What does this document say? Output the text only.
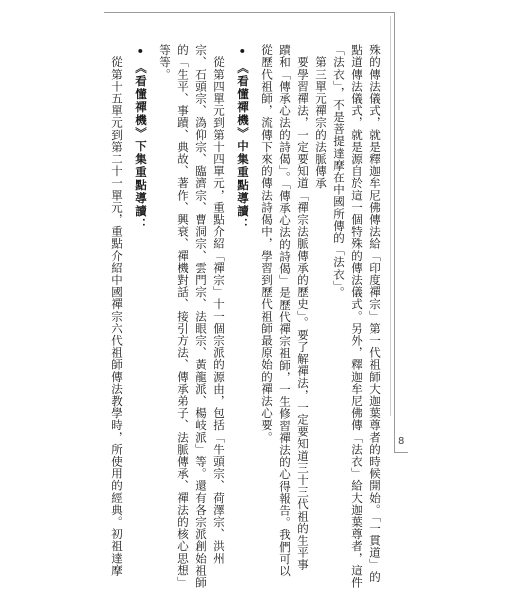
8
殊的傳法儀式，就是釋迦牟尼佛傳法給「印度禪宗」第一代祖師大迦葉尊者的時候開始。「一貫道」的
點道傳法儀式，就是源自於這一個特殊的傳法儀式。另外，釋迦牟尼佛傳「法衣」給大迦葉尊者，這件
「法衣」，不是菩提達摩在中國所傳的「法衣」。
　第三單元禪宗的法脈傳承
　要學習禪法，一定要知道「禪宗法脈傳承的歷史」。要了解禪法，一定要知道三十三代祖的生平事
蹟和「傳承心法的詩偈」。「傳承心法的詩偈」是歷代禪宗祖師，一生修習禪法的心得報告。我們可以
從歷代祖師，流傳下來的傳法詩偈中，學習到歷代祖師最原始的禪法心要。
•《看懂禪機》中集重點導讀：
　從第四單元到第十四單元，重點介紹「禪宗」十一個宗派的源由，包括「牛頭宗、荷澤宗、洪州
宗、石頭宗、溈仰宗、臨濟宗、曹洞宗、雲門宗、法眼宗、黃龍派、楊岐派」等。還有各宗派創始祖師
的「生平、事蹟、典故、著作、興衰、禪機對話、接引方法、傳承弟子、法脈傳承、禪法的核心思想」
等等。
•《看懂禪機》下集重點導讀：
　從第十五單元到第二十一單元，重點介紹中國禪宗六代祖師傳法教學時，所使用的經典。初祖達摩
